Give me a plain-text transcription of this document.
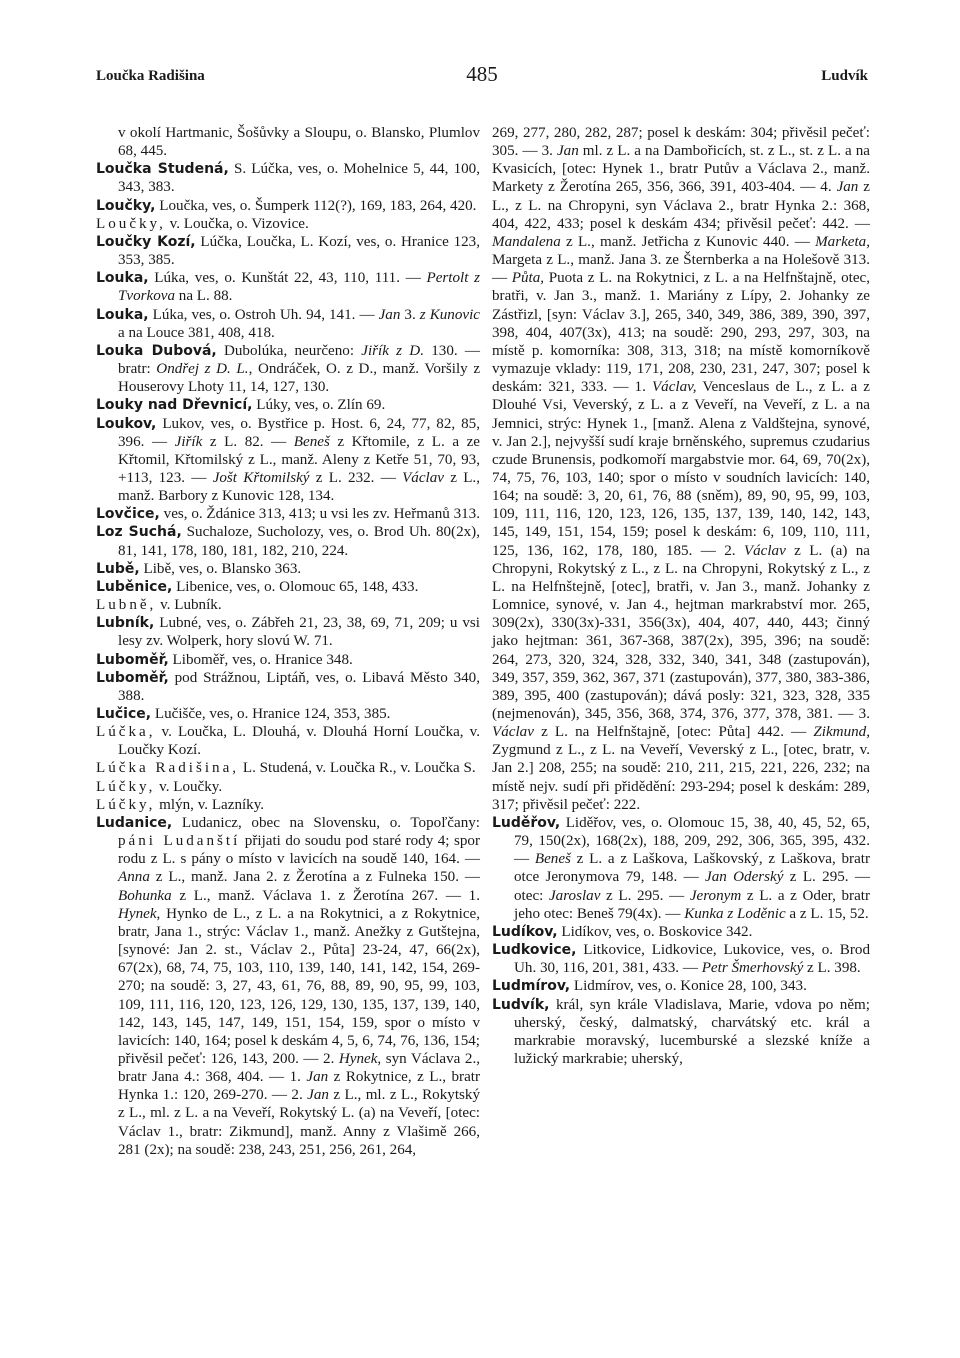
Loučka Radišina	485	Ludvík
v okolí Hartmanic, Šošůvky a Sloupu, o. Blansko, Plumlov 68, 445.
Loučka Studená, S. Lúčka, ves, o. Mohelnice 5, 44, 100, 343, 383.
Loučky, Loučka, ves, o. Šumperk 112(?), 169, 183, 264, 420.
Loučky, v. Loučka, o. Vizovice.
Loučky Kozí, Lúčka, Loučka, L. Kozí, ves, o. Hranice 123, 353, 385.
Louka, Lúka, ves, o. Kunštát 22, 43, 110, 111. — Pertolt z Tvorkova na L. 88.
Louka, Lúka, ves, o. Ostroh Uh. 94, 141. — Jan 3. z Kunovic a na Louce 381, 408, 418.
Louka Dubová, Dubolúka, neurčeno: Jiřík z D. 130. — bratr: Ondřej z D. L., Ondráček, O. z D., manž. Voršily z Houserovy Lhoty 11, 14, 127, 130.
Louky nad Dřevnicí, Lúky, ves, o. Zlín 69.
Loukov, Lukov, ves, o. Bystřice p. Host. 6, 24, 77, 82, 85, 396. — Jiřík z L. 82. — Beneš z Křtomile, z L. a ze Křtomil, Křtomilský z L., manž. Aleny z Ketře 51, 70, 93, +113, 123. — Jošt Křtomilský z L. 232. — Václav z L., manž. Barbory z Kunovic 128, 134.
Lovčice, ves, o. Ždánice 313, 413; u vsi les zv. Heřmanů 313.
Loz Suchá, Suchaloze, Sucholozy, ves, o. Brod Uh. 80(2x), 81, 141, 178, 180, 181, 182, 210, 224.
Lubě, Libě, ves, o. Blansko 363.
Luběnice, Libenice, ves, o. Olomouc 65, 148, 433.
Lubně, v. Lubník.
Lubník, Lubné, ves, o. Zábřeh 21, 23, 38, 69, 71, 209; u vsi lesy zv. Wolperk, hory slovú W. 71.
Luboměř, Liboměř, ves, o. Hranice 348.
Luboměř, pod Strážnou, Liptáň, ves, o. Libavá Město 340, 388.
Lučice, Lučišče, ves, o. Hranice 124, 353, 385.
Lúčka, v. Loučka, L. Dlouhá, v. Dlouhá Horní Loučka, v. Loučky Kozí.
Lúčka Radišina, L. Studená, v. Loučka R., v. Loučka S.
Lúčky, v. Loučky.
Lúčky, mlýn, v. Lazníky.
Ludanice, Ludanicz, obec na Slovensku, o. Topoľčany: páni Ludanští přijati do soudu pod staré rody 4; spor rodu z L. s pány o místo v lavicích na soudě 140, 164. — Anna z L., manž. Jana 2. z Žerotína a z Fulneka 150. — Bohunka z L., manž. Václava 1. z Žerotína 267. — 1. Hynek, Hynko de L., z L. a na Rokytnici, a z Rokytnice, bratr, Jana 1., strýc: Václav 1., manž. Anežky z Gutštejna, [synové: Jan 2. st., Václav 2., Půta] 23-24, 47, 66(2x), 67(2x), 68, 74, 75, 103, 110, 139, 140, 141, 142, 154, 269-270; na soudě: 3, 27, 43, 61, 76, 88, 89, 90, 95, 99, 103, 109, 111, 116, 120, 123, 126, 129, 130, 135, 137, 139, 140, 142, 143, 145, 147, 149, 151, 154, 159, spor o místo v lavicích: 140, 164; posel k deskám 4, 5, 6, 74, 76, 136, 154; přivěsil pečeť: 126, 143, 200. — 2. Hynek, syn Václava 2., bratr Jana 4.: 368, 404. — 1. Jan z Rokytnice, z L., bratr Hynka 1.: 120, 269-270. — 2. Jan z L., ml. z L., Rokytský z L., ml. z L. a na Veveří, Rokytský L. (a) na Veveří, [otec: Václav 1., bratr: Zikmund], manž. Anny z Vlašimě 266, 281 (2x); na soudě: 238, 243, 251, 256, 261, 264,
269, 277, 280, 282, 287; posel k deskám: 304; přivěsil pečeť: 305. — 3. Jan ml. z L. a na Dambořicích, st. z L., st. z L. a na Kvasicích, [otec: Hynek 1., bratr Putův a Václava 2., manž. Markety z Žerotína 265, 356, 366, 391, 403-404. — 4. Jan z L., z L. na Chropyni, syn Václava 2., bratr Hynka 2.: 368, 404, 422, 433; posel k deskám 434; přivěsil pečeť: 442. — Mandalena z L., manž. Jetřicha z Kunovic 440. — Marketa, Margeta z L., manž. Jana 3. ze Šternberka a na Holešově 313. — Půta, Puota z L. na Rokytnici, z L. a na Helfnštajně, otec, bratři, v. Jan 3., manž. 1. Mariány z Lípy, 2. Johanky ze Zástřizl, [syn: Václav 3.], 265, 340, 349, 386, 389, 390, 397, 398, 404, 407(3x), 413; na soudě: 290, 293, 297, 303, na místě p. komorníka: 308, 313, 318; na místě komorníkově vymazuje vklady: 119, 171, 208, 230, 231, 247, 307; posel k deskám: 321, 333. — 1. Václav, Venceslaus de L., z L. a z Dlouhé Vsi, Veverský, z L. a z Veveří, na Veveří, z L. a na Jemnici, strýc: Hynek 1., [manž. Alena z Valdštejna, synové, v. Jan 2.], nejvyšší sudí kraje brněnského, supremus czudarius czude Brunensis, podkomoří margabstvie mor. 64, 69, 70(2x), 74, 75, 76, 103, 140; spor o místo v soudních lavicích: 140, 164; na soudě: 3, 20, 61, 76, 88 (sněm), 89, 90, 95, 99, 103, 109, 111, 116, 120, 123, 126, 135, 137, 139, 140, 142, 143, 145, 149, 151, 154, 159; posel k deskám: 6, 109, 110, 111, 125, 136, 162, 178, 180, 185. — 2. Václav z L. (a) na Chropyni, Rokytský z L., z L. na Chropyni, Rokytský z L., z L. na Helfnštejně, [otec], bratři, v. Jan 3., manž. Johanky z Lomnice, synové, v. Jan 4., hejtman markrabství mor. 265, 309(2x), 330(3x)-331, 356(3x), 404, 407, 440, 443; činný jako hejtman: 361, 367-368, 387(2x), 395, 396; na soudě: 264, 273, 320, 324, 328, 332, 340, 341, 348 (zastupován), 349, 357, 359, 362, 367, 371 (zastupován), 377, 380, 383-386, 389, 395, 400 (zastupován); dává posly: 321, 323, 328, 335 (nejmenován), 345, 356, 368, 374, 376, 377, 378, 381. — 3. Václav z L. na Helfnštajně, [otec: Půta] 442. — Zikmund, Zygmund z L., z L. na Veveří, Veverský z L., [otec, bratr, v. Jan 2.] 208, 255; na soudě: 210, 211, 215, 221, 226, 232; na místě nejv. sudí při přidědění: 293-294; posel k deskám: 289, 317; přivěsil pečeť: 222.
Luděřov, Liděřov, ves, o. Olomouc 15, 38, 40, 45, 52, 65, 79, 150(2x), 168(2x), 188, 209, 292, 306, 365, 395, 432. — Beneš z L. a z Laškova, Laškovský, z Laškova, bratr otce Jeronymova 79, 148. — Jan Oderský z L. 295. — otec: Jaroslav z L. 295. — Jeronym z L. a z Oder, bratr jeho otec: Beneš 79(4x). — Kunka z Loděnic a z L. 15, 52.
Ludíkov, Lidíkov, ves, o. Boskovice 342.
Ludkovice, Litkovice, Lidkovice, Lukovice, ves, o. Brod Uh. 30, 116, 201, 381, 433. — Petr Šmerhovský z L. 398.
Ludmírov, Lidmírov, ves, o. Konice 28, 100, 343.
Ludvík, král, syn krále Vladislava, Marie, vdova po něm; uherský, český, dalmatský, charvátský etc. král a markrabie moravský, lucemburské a slezské kníže a lužický markrabie; uherský,
